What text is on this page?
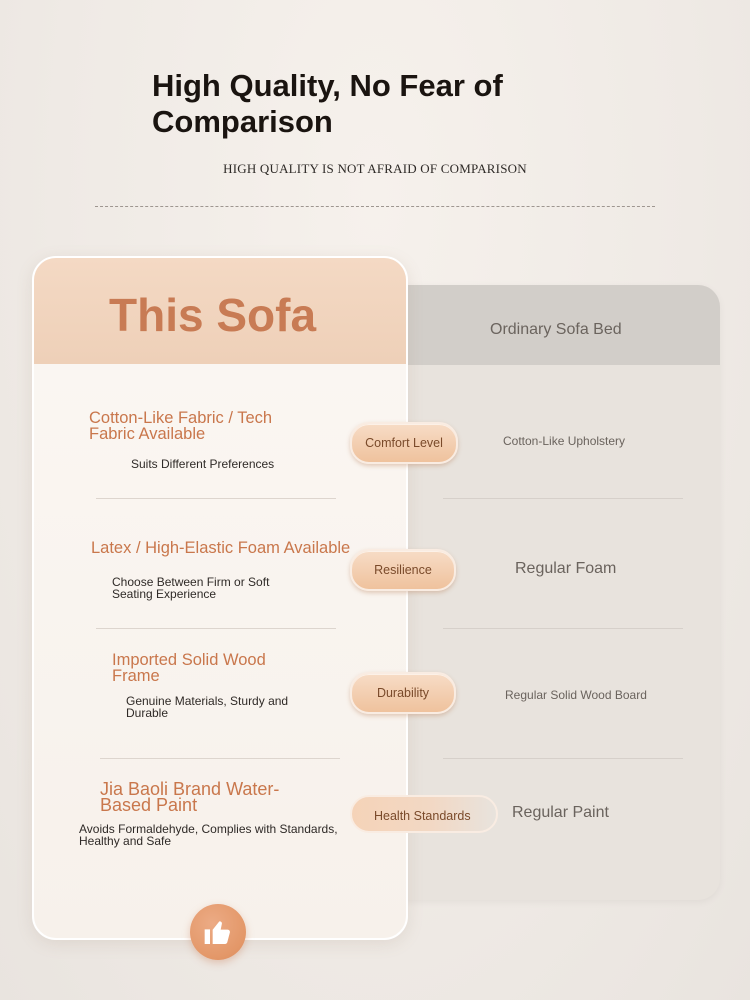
High Quality, No Fear of Comparison
HIGH QUALITY IS NOT AFRAID OF COMPARISON
Ordinary Sofa Bed
This Sofa
Cotton-Like Fabric / Tech Fabric Available
Suits Different Preferences
Latex / High-Elastic Foam Available
Choose Between Firm or Soft Seating Experience
Imported Solid Wood Frame
Genuine Materials, Sturdy and Durable
Jia Baoli Brand Water-Based Paint
Avoids Formaldehyde, Complies with Standards, Healthy and Safe
Comfort Level
Resilience
Durability
Health Standards
Cotton-Like Upholstery
Regular Foam
Regular Solid Wood Board
Regular Paint
